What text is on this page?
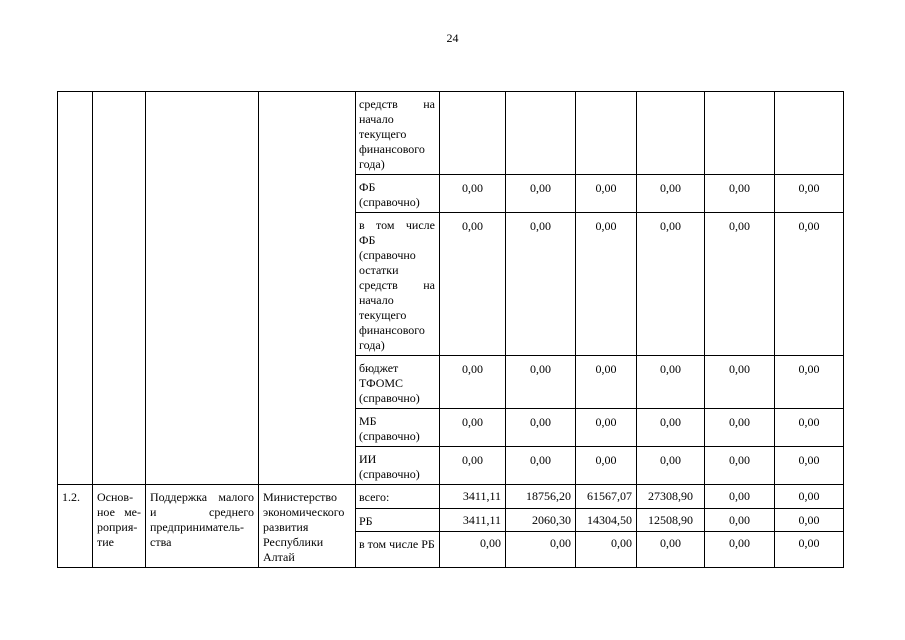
24
				средств на начало текущего финансового года)						
				ФБ (справочно)	0,00	0,00	0,00	0,00	0,00	0,00
				в том числе ФБ (справочно остатки средств на начало текущего финансового года)	0,00	0,00	0,00	0,00	0,00	0,00
				бюджет ТФОМС (справочно)	0,00	0,00	0,00	0,00	0,00	0,00
				МБ (справочно)	0,00	0,00	0,00	0,00	0,00	0,00
				ИИ (справочно)	0,00	0,00	0,00	0,00	0,00	0,00
1.2.	Основ-ное ме-роприя-тие	Поддержка малого и среднего предприниматель-ства	Министерство экономического развития Республики Алтай	всего:	3411,11	18756,20	61567,07	27308,90	0,00	0,00
				РБ	3411,11	2060,30	14304,50	12508,90	0,00	0,00
				в том числе РБ	0,00	0,00	0,00	0,00	0,00	0,00
